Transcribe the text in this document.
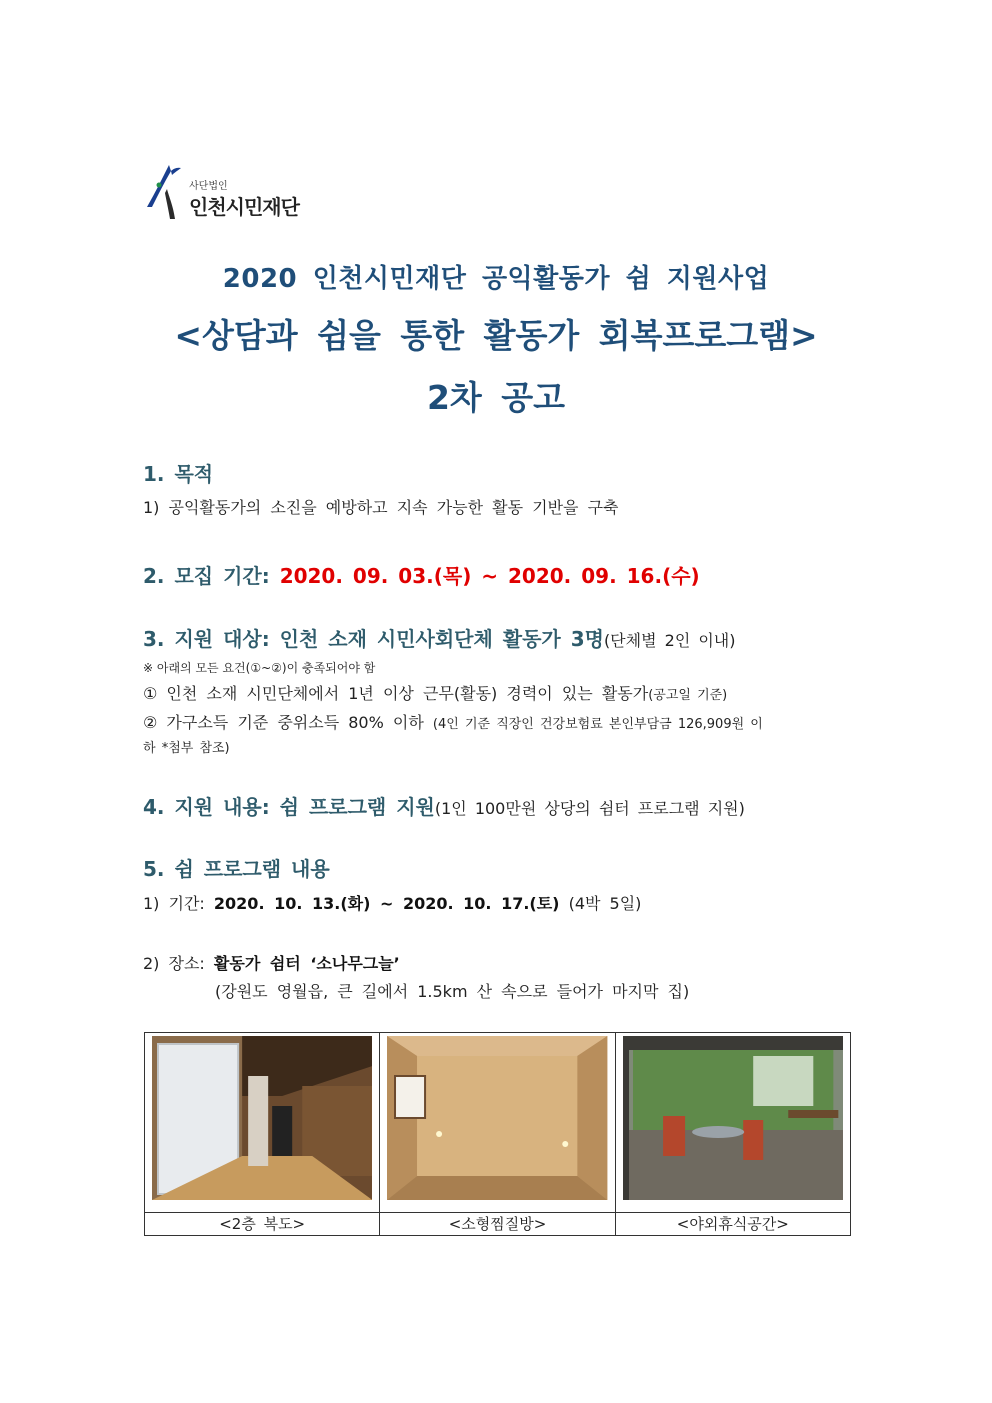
사단법인
인천시민재단
2020 인천시민재단 공익활동가 쉼 지원사업
<상담과 쉼을 통한 활동가 회복프로그램>
2차 공고
1. 목적
1) 공익활동가의 소진을 예방하고 지속 가능한 활동 기반을 구축
2. 모집 기간: 2020. 09. 03.(목) ~ 2020. 09. 16.(수)
3. 지원 대상: 인천 소재 시민사회단체 활동가 3명(단체별 2인 이내)
※ 아래의 모든 요건(①~②)이 충족되어야 함
① 인천 소재 시민단체에서 1년 이상 근무(활동) 경력이 있는 활동가(공고일 기준)
② 가구소득 기준 중위소득 80% 이하 (4인 기준 직장인 건강보험료 본인부담금 126,909원 이
하 *첨부 참조)
4. 지원 내용: 쉼 프로그램 지원(1인 100만원 상당의 쉼터 프로그램 지원)
5. 쉼 프로그램 내용
1) 기간: 2020. 10. 13.(화) ~ 2020. 10. 17.(토) (4박 5일)
2) 장소: 활동가 쉼터 ‘소나무그늘’
(강원도 영월읍, 큰 길에서 1.5km 산 속으로 들어가 마지막 집)

<2층 복도>	<소형찜질방>	<야외휴식공간>
